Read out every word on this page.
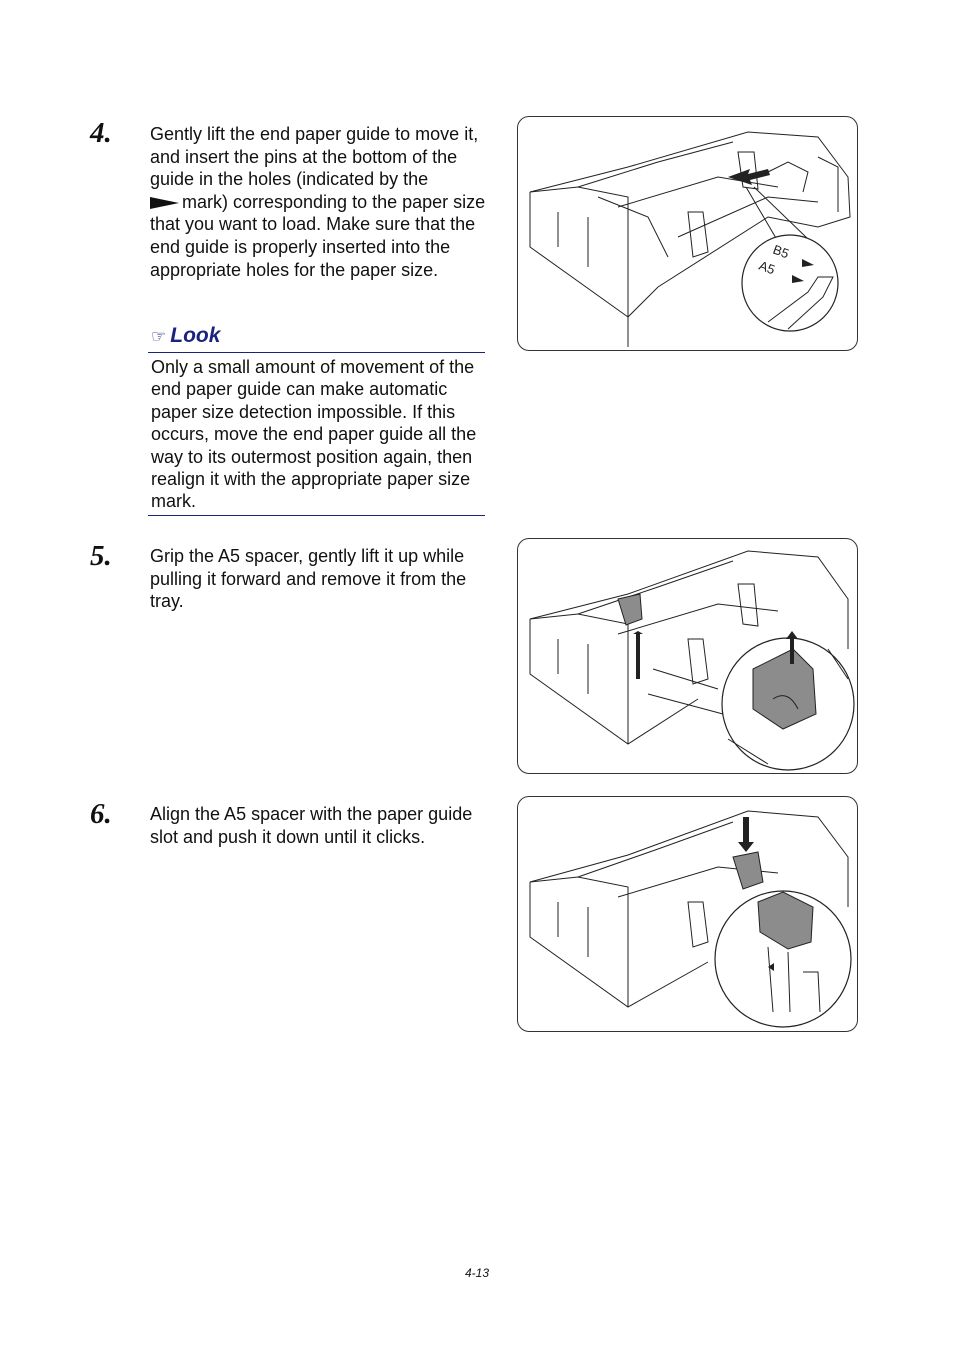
4. Gently lift the end paper guide to move it, and insert the pins at the bottom of the guide in the holes (indicated by the
mark) corresponding to the paper size that you want to load. Make sure that the end guide is properly inserted into the appropriate holes for the paper size.
☞ Look
Only a small amount of movement of the end paper guide can make automatic paper size detection impossible. If this occurs, move the end paper guide all the way to its outermost position again, then realign it with the appropriate paper size mark.
B5
A5
5. Grip the A5 spacer, gently lift it up while pulling it forward and remove it from the tray.
6. Align the A5 spacer with the paper guide slot and push it down until it clicks.
4-13
